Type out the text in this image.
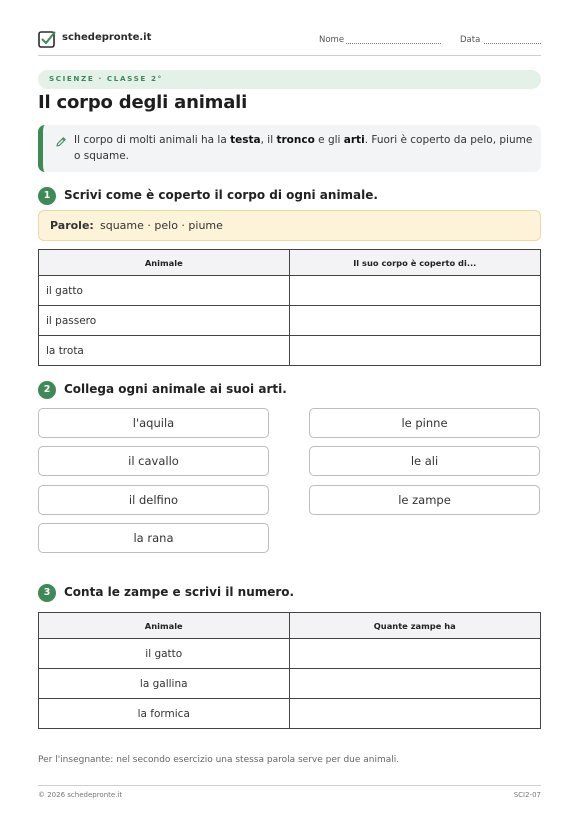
schedepronte.it	Nome	Data
SCIENZE · CLASSE 2°
Il corpo degli animali

Il corpo di molti animali ha la testa, il tronco e gli arti. Fuori è coperto da pelo, piume o squame.

1	Scrivi come è coperto il corpo di ogni animale.
Parole: squame · pelo · piume
Animale	Il suo corpo è coperto di...
il gatto	
il passero	
la trota	
2	Collega ogni animale ai suoi arti.
l'aquila
il cavallo
il delfino
la rana
le pinne
le ali
le zampe
3	Conta le zampe e scrivi il numero.
Animale	Quante zampe ha
il gatto	
la gallina	
la formica	

Per l'insegnante: nel secondo esercizio una stessa parola serve per due animali.

© 2026 schedepronte.it	SCI2-07
